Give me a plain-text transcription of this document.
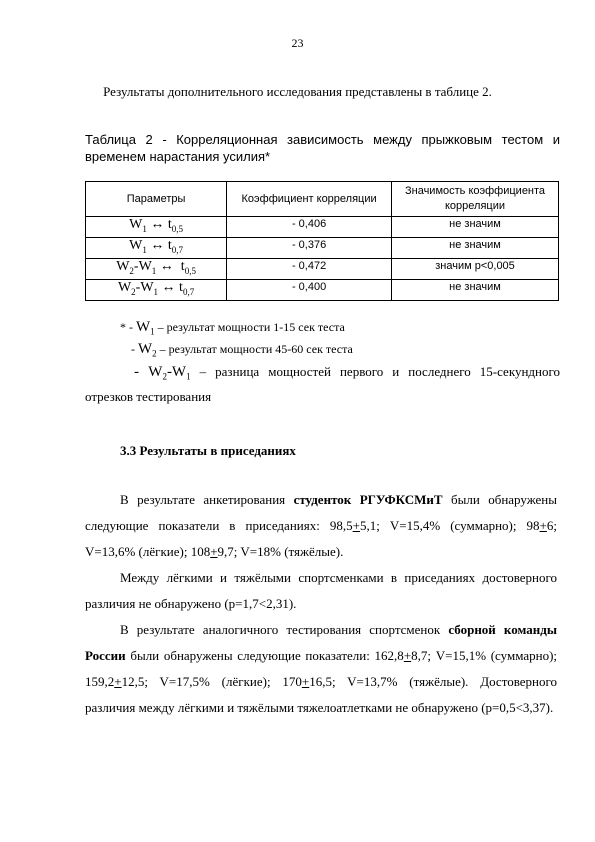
23
Результаты дополнительного исследования представлены в таблице 2.
Таблица 2 - Корреляционная зависимость между прыжковым тестом и
временем нарастания усилия*
Параметры	Коэффициент корреляции	Значимость коэффициента корреляции
$W_1$ ↔ $t_{0,5}$	- 0,406	не значим
$W_1$ ↔ $t_{0,7}$	- 0,376	не значим
$W_2-W_1$ ↔ $t_{0,5}$	- 0,472	значим p<0,005
$W_2-W_1$ ↔ $t_{0,7}$	- 0,400	не значим
* - $W_1$ – результат мощности 1-15 сек теста
- $W_2$ – результат мощности 45-60 сек теста
- $W_2-W_1$ – разница мощностей первого и последнего 15-секундного отрезков тестирования
3.3 Результаты в приседаниях
В результате анкетирования студенток РГУФКСМиТ были обнаружены следующие показатели в приседаниях: 98,5+5,1; V=15,4% (суммарно); 98+6; V=13,6% (лёгкие); 108+9,7; V=18% (тяжёлые).
Между лёгкими и тяжёлыми спортсменками в приседаниях достоверного различия не обнаружено (p=1,7<2,31).
В результате аналогичного тестирования спортсменок сборной команды России были обнаружены следующие показатели: 162,8+8,7; V=15,1% (суммарно); 159,2+12,5; V=17,5% (лёгкие); 170+16,5; V=13,7% (тяжёлые). Достоверного различия между лёгкими и тяжёлыми тяжелоатлетками не обнаружено (p=0,5<3,37).
